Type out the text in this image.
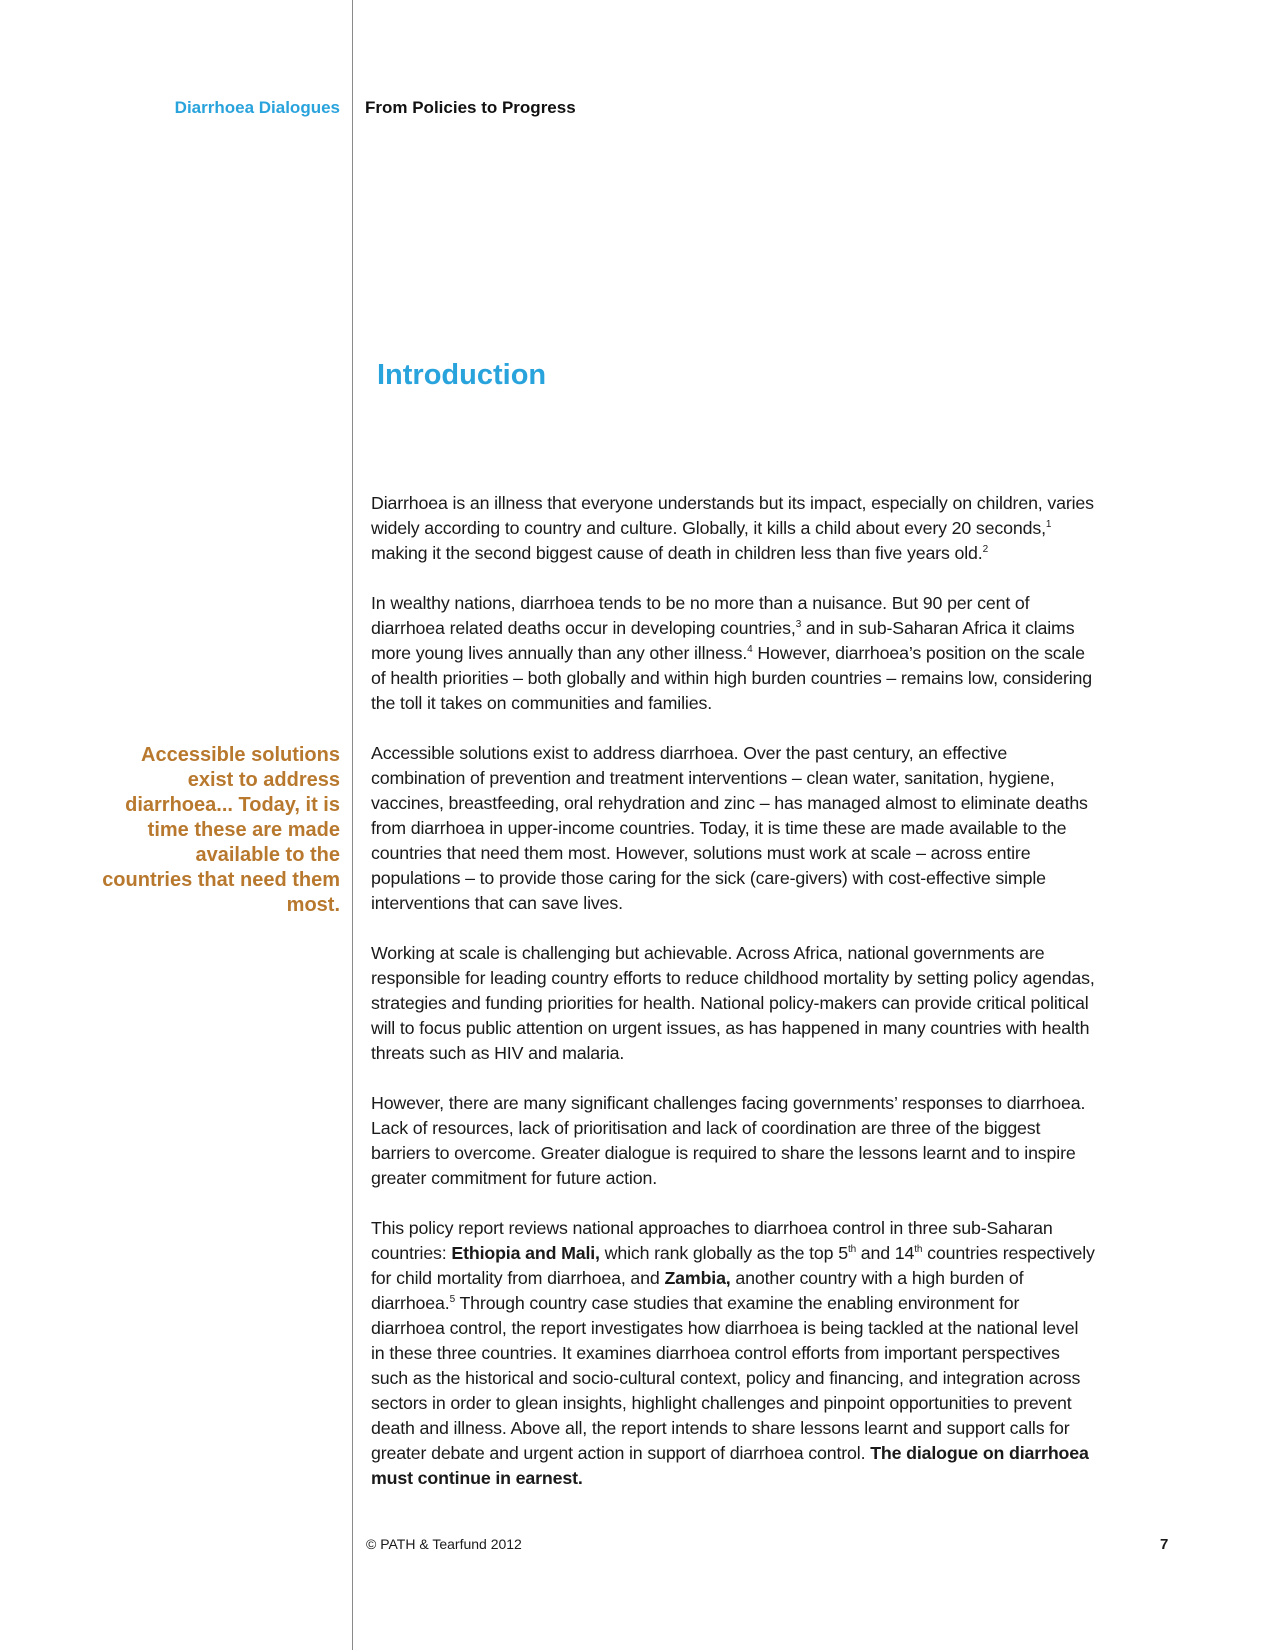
Diarrhoea Dialogues From Policies to Progress
Introduction

Accessible solutions exist to address diarrhoea... Today, it is time these are made available to the countries that need them most.

Diarrhoea is an illness that everyone understands but its impact, especially on children, varies widely according to country and culture. Globally, it kills a child about every 20 seconds,$^1$ making it the second biggest cause of death in children less than five years old.$^2$

In wealthy nations, diarrhoea tends to be no more than a nuisance. But 90 per cent of diarrhoea related deaths occur in developing countries,$^3$ and in sub-Saharan Africa it claims more young lives annually than any other illness.$^4$ However, diarrhoea’s position on the scale of health priorities – both globally and within high burden countries – remains low, considering the toll it takes on communities and families.

Accessible solutions exist to address diarrhoea. Over the past century, an effective combination of prevention and treatment interventions – clean water, sanitation, hygiene, vaccines, breastfeeding, oral rehydration and zinc – has managed almost to eliminate deaths from diarrhoea in upper-income countries. Today, it is time these are made available to the countries that need them most. However, solutions must work at scale – across entire populations – to provide those caring for the sick (care-givers) with cost-effective simple interventions that can save lives.

Working at scale is challenging but achievable. Across Africa, national governments are responsible for leading country efforts to reduce childhood mortality by setting policy agendas, strategies and funding priorities for health. National policy-makers can provide critical political will to focus public attention on urgent issues, as has happened in many countries with health threats such as HIV and malaria.

However, there are many significant challenges facing governments’ responses to diarrhoea. Lack of resources, lack of prioritisation and lack of coordination are three of the biggest barriers to overcome. Greater dialogue is required to share the lessons learnt and to inspire greater commitment for future action.

This policy report reviews national approaches to diarrhoea control in three sub-Saharan countries: Ethiopia and Mali, which rank globally as the top 5th and 14th countries respectively for child mortality from diarrhoea, and Zambia, another country with a high burden of diarrhoea.$^5$ Through country case studies that examine the enabling environment for diarrhoea control, the report investigates how diarrhoea is being tackled at the national level in these three countries. It examines diarrhoea control efforts from important perspectives such as the historical and socio-cultural context, policy and financing, and integration across sectors in order to glean insights, highlight challenges and pinpoint opportunities to prevent death and illness. Above all, the report intends to share lessons learnt and support calls for greater debate and urgent action in support of diarrhoea control. The dialogue on diarrhoea must continue in earnest.

© PATH & Tearfund 2012	7
